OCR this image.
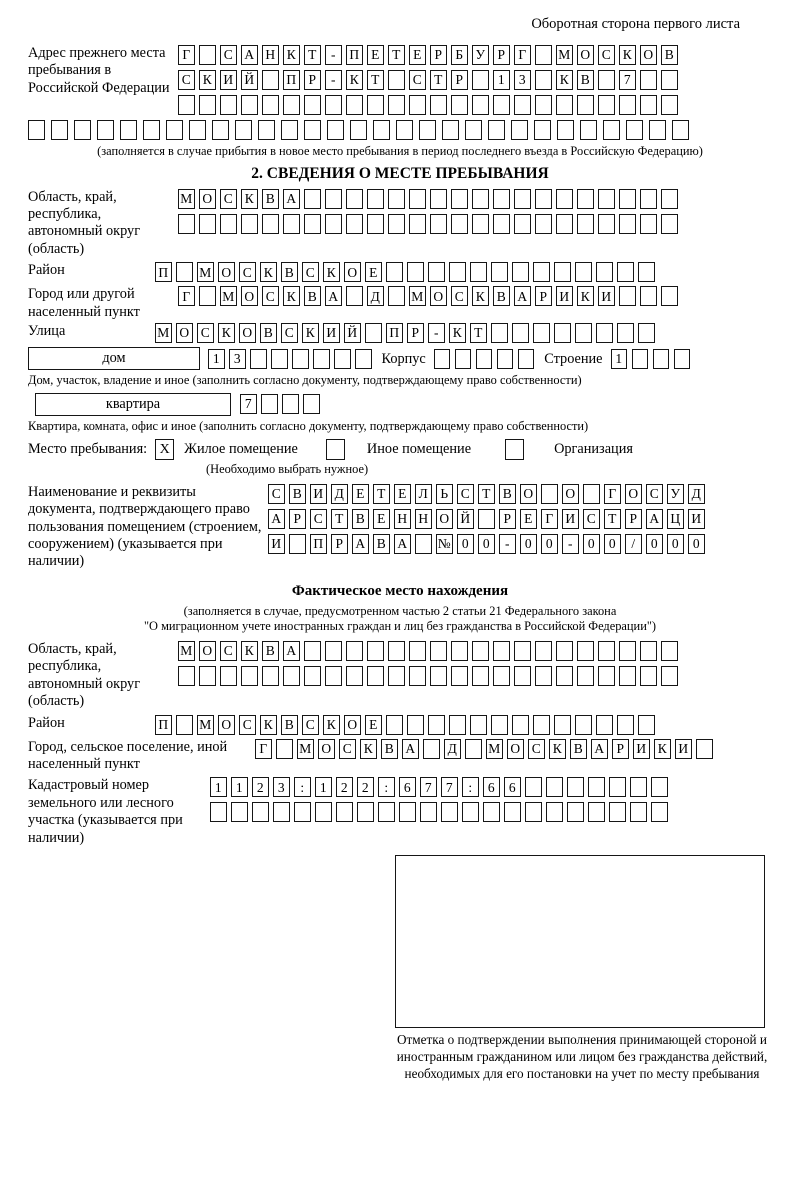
Оборотная сторона первого листа
Адрес прежнего места пребывания в Российской Федерации
Г	С А Н К Т	-	П Е Т Е Р Б У Р Г	М О С К О В
С К И Й П Р	-	К Т	С Т Р	1	3	К В	7
(заполняется в случае прибытия в новое место пребывания в период последнего въезда в Российскую Федерацию)
2. СВЕДЕНИЯ О МЕСТЕ ПРЕБЫВАНИЯ
Область, край, республика, автономный округ (область)
М О С К В А
Район	П М О С К В С К О Е
Город или другой населенный пункт
Г	М О С К В А Д М О С К В А Р И К И
Улица	М О С К О В С К И Й П Р	-	К Т
дом	1	3	Корпус	Строение 1
Дом, участок, владение и иное (заполнить согласно документу, подтверждающему право собственности)
квартира	7
Квартира, комната, офис и иное (заполнить согласно документу, подтверждающему право собственности)
Место пребывания: X	Жилое помещение	Иное помещение	Организация
(Необходимо выбрать нужное)
Наименование и реквизиты документа, подтверждающего право пользования помещением (строением, сооружением) (указывается при наличии)
С В И Д Е Т Е Л Ь С Т В О О	Г О С У Д
А Р С Т В Е Н Н О Й	Р Е Г И С Т Р А Ц И
И П Р А В А № 0	0	-	0	0	-	0	0	/	0	0	0
Фактическое место нахождения
(заполняется в случае, предусмотренном частью 2 статьи 21 Федерального закона
"О миграционном учете иностранных граждан и лиц без гражданства в Российской Федерации")
Область, край, республика, автономный округ (область)
М О С К В А
Район	П М О С К В С К О Е
Город, сельское поселение, иной населенный пункт
Г	М О С К В А Д М О С К В А Р И К И
Кадастровый номер земельного или лесного участка (указывается при наличии)
1	1	2	3	:	1	2	2	:	6	7	7	:	6	6
Отметка о подтверждении выполнения принимающей стороной и иностранным гражданином или лицом без гражданства действий, необходимых для его постановки на учет по месту пребывания
